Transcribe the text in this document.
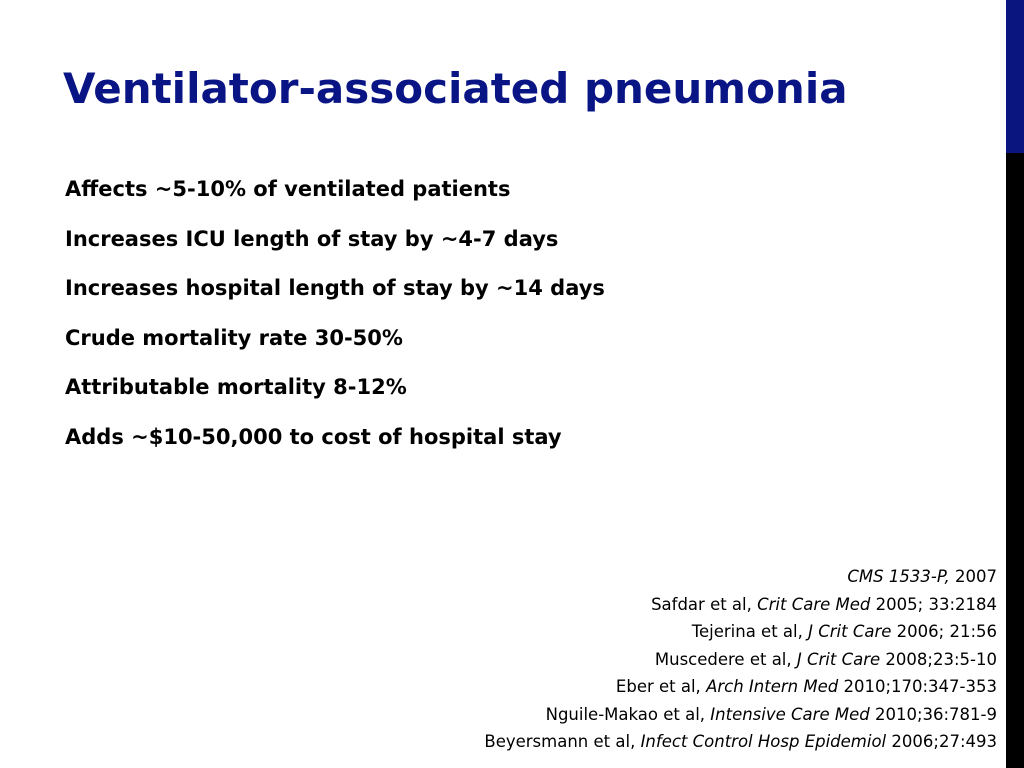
Ventilator-associated pneumonia
Affects ~5-10% of ventilated patients
Increases ICU length of stay by ~4-7 days
Increases hospital length of stay by ~14 days
Crude mortality rate 30-50%
Attributable mortality 8-12%
Adds ~$10-50,000 to cost of hospital stay
CMS 1533-P, 2007
Safdar et al, Crit Care Med 2005; 33:2184
Tejerina et al, J Crit Care 2006; 21:56
Muscedere et al, J Crit Care 2008;23:5-10
Eber et al, Arch Intern Med 2010;170:347-353
Nguile-Makao et al, Intensive Care Med 2010;36:781-9
Beyersmann et al, Infect Control Hosp Epidemiol 2006;27:493
